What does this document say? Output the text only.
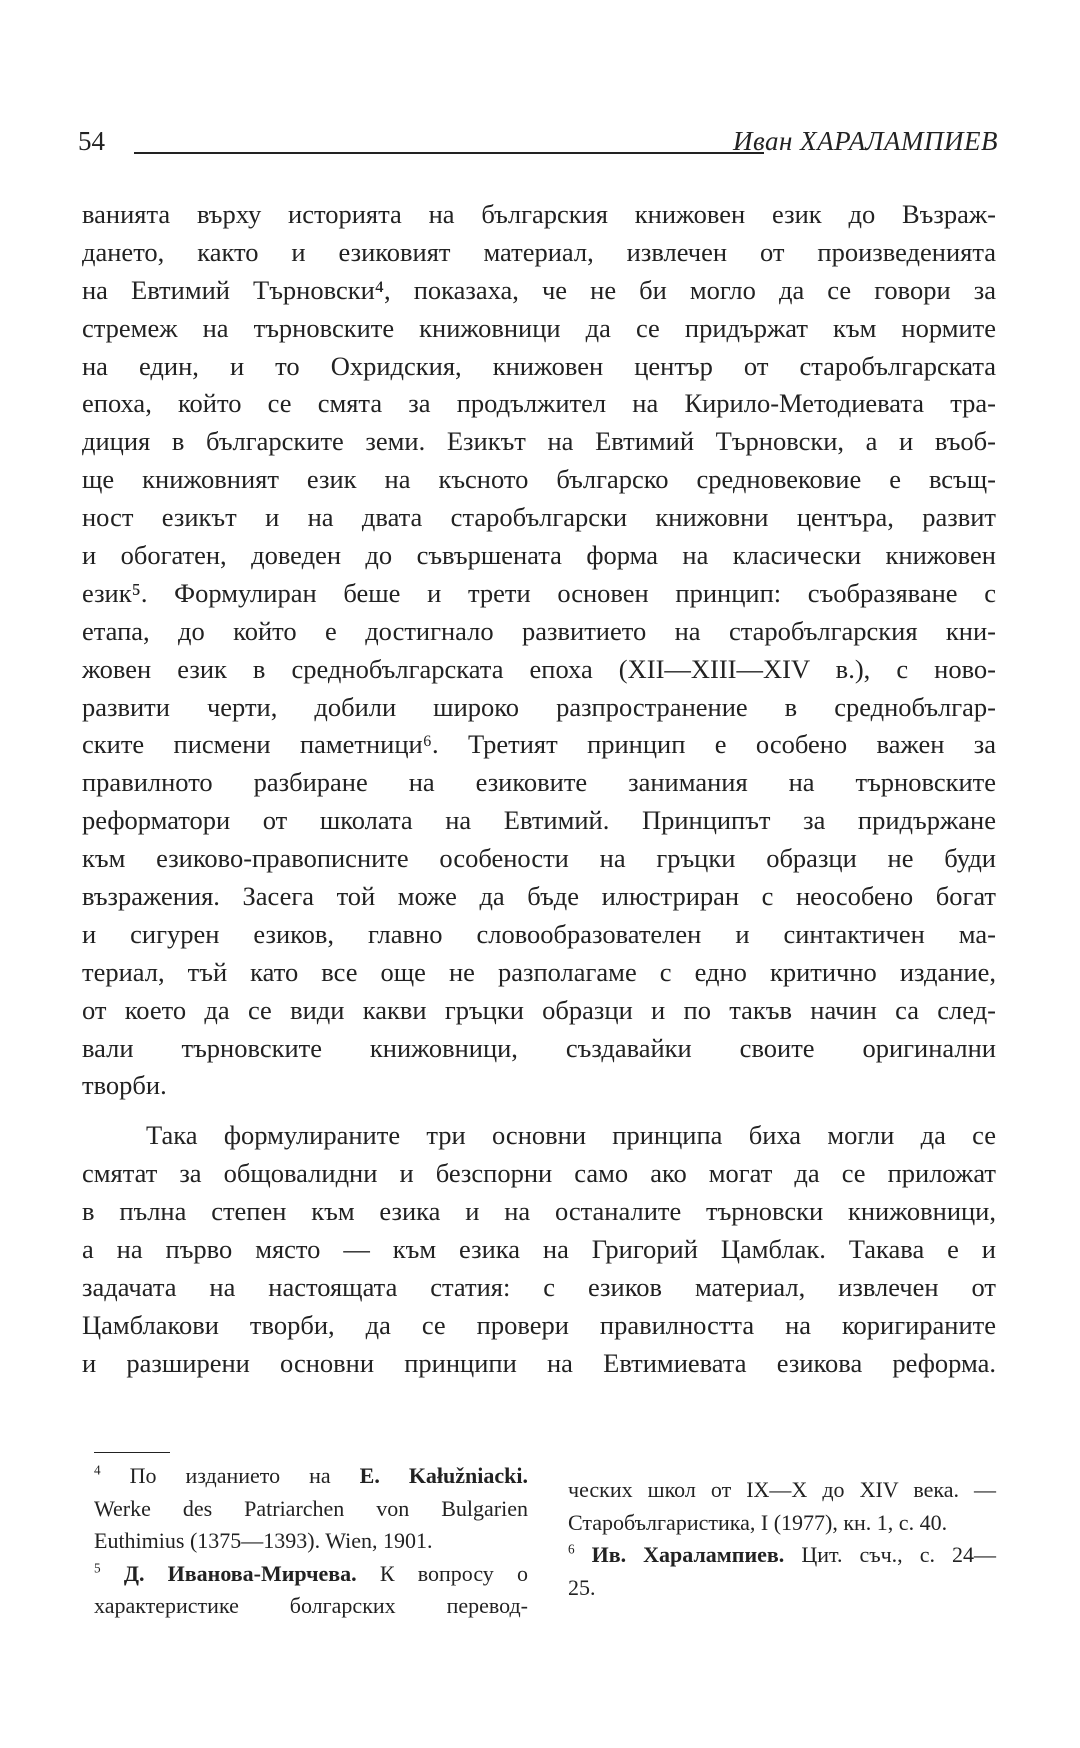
54	Иван ХАРАЛАМПИЕВ
ванията върху историята на българския книжовен език до Възраж-
дането, както и езиковият материал, извлечен от произведенията
на Евтимий Търновски⁴, показаха, че не би могло да се говори за
стремеж на търновските книжовници да се придържат към нормите
на един, и то Охридския, книжовен център от старобългарската
епоха, който се смята за продължител на Кирило-Методиевата тра-
диция в българските земи. Езикът на Евтимий Търновски, а и въоб-
ще книжовният език на късното българско средновековие е всъщ-
ност езикът и на двата старобългарски книжовни центъра, развит
и обогатен, доведен до съвършената форма на класически книжовен
език⁵. Формулиран беше и трети основен принцип: съобразяване с
етапа, до който е достигнало развитието на старобългарския кни-
жовен език в среднобългарската епоха (XII—XIII—XIV в.), с ново-
развити черти, добили широко разпространение в среднобългар-
ските писмени паметници⁶. Третият принцип е особено важен за
правилното разбиране на езиковите занимания на търновските
реформатори от школата на Евтимий. Принципът за придържане
към езиково-правописните особености на гръцки образци не буди
възражения. Засега той може да бъде илюстриран с неособено богат
и сигурен езиков, главно словообразователен и синтактичен ма-
териал, тъй като все още не разполагаме с едно критично издание,
от което да се види какви гръцки образци и по такъв начин са след-
вали търновските книжовници, създавайки своите оригинални
творби.
Така формулираните три основни принципа биха могли да се
смятат за общовалидни и безспорни само ако могат да се приложат
в пълна степен към езика и на останалите търновски книжовници,
а на първо място — към езика на Григорий Цамблак. Такава е и
задачата на настоящата статия: с езиков материал, извлечен от
Цамблакови творби, да се провери правилността на коригираните
и разширени основни принципи на Евтимиевата езикова реформа.
$^4$ По изданието на E. Kałužniacki.
Werke des Patriarchen von Bulgarien
Euthimius (1375—1393). Wien, 1901.
$^5$ Д. Иванова-Мирчева. К вопросу о
характеристике болгарских перевод-
ческих школ от IX—X до XIV века. —
Старобългаристика, I (1977), кн. 1, с. 40.
$^6$ Ив. Харалампиев. Цит. съч., с. 24—
25.
